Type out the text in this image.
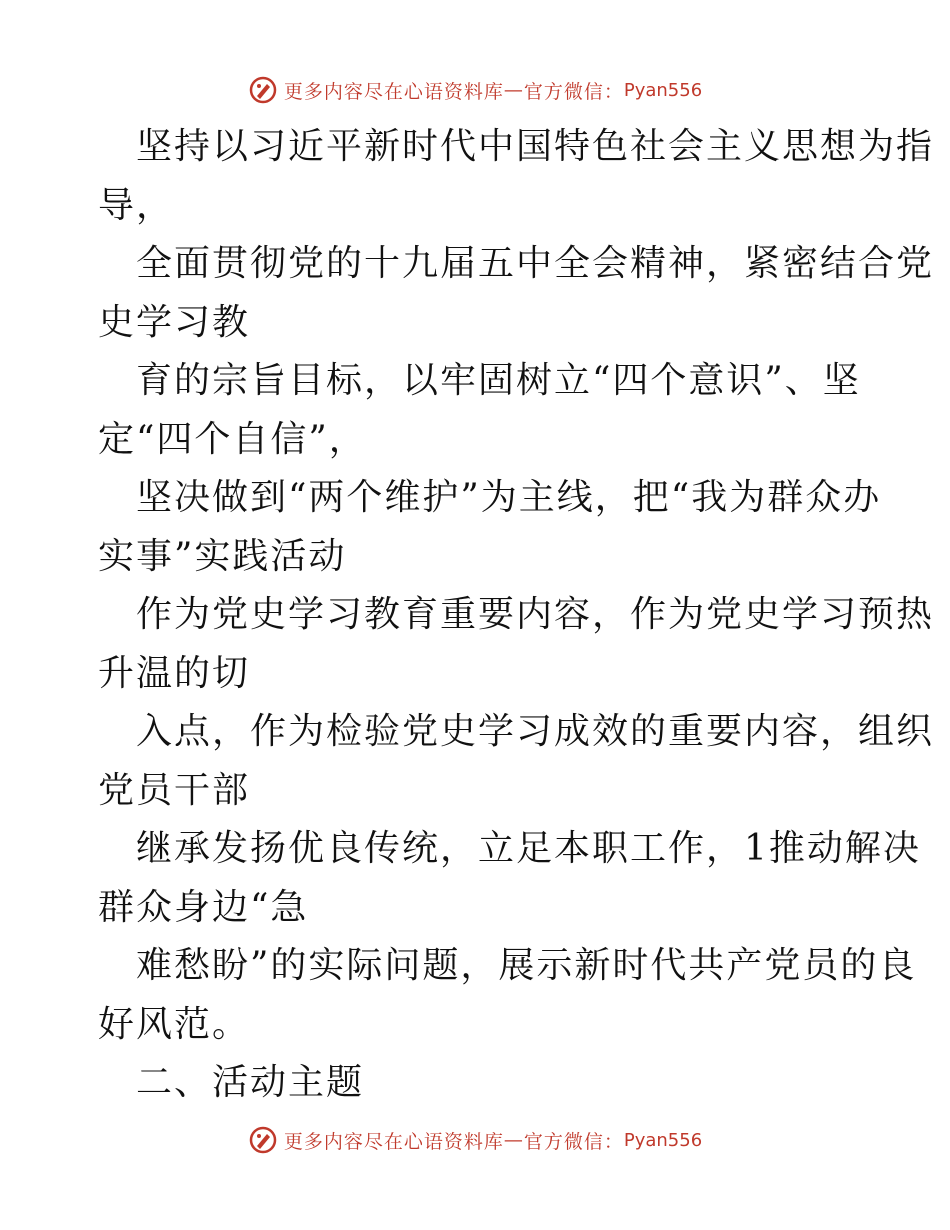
更多内容尽在心语资料库 — 官方微信： Pyan556
坚持以习近平新时代中国特色社会主义思想为指
导，
全面贯彻党的十九届五中全会精神，紧密结合党
史学习教
育的宗旨目标，以牢固树立“四个意识”、坚
定“四个自信”，
坚决做到“两个维护”为主线，把“我为群众办
实事”实践活动
作为党史学习教育重要内容，作为党史学习预热
升温的切
入点，作为检验党史学习成效的重要内容，组织
党员干部
继承发扬优良传统，立足本职工作，1推动解决
群众身边“急
难愁盼”的实际问题，展示新时代共产党员的良
好风范。
二、活动主题
更多内容尽在心语资料库 — 官方微信： Pyan556
